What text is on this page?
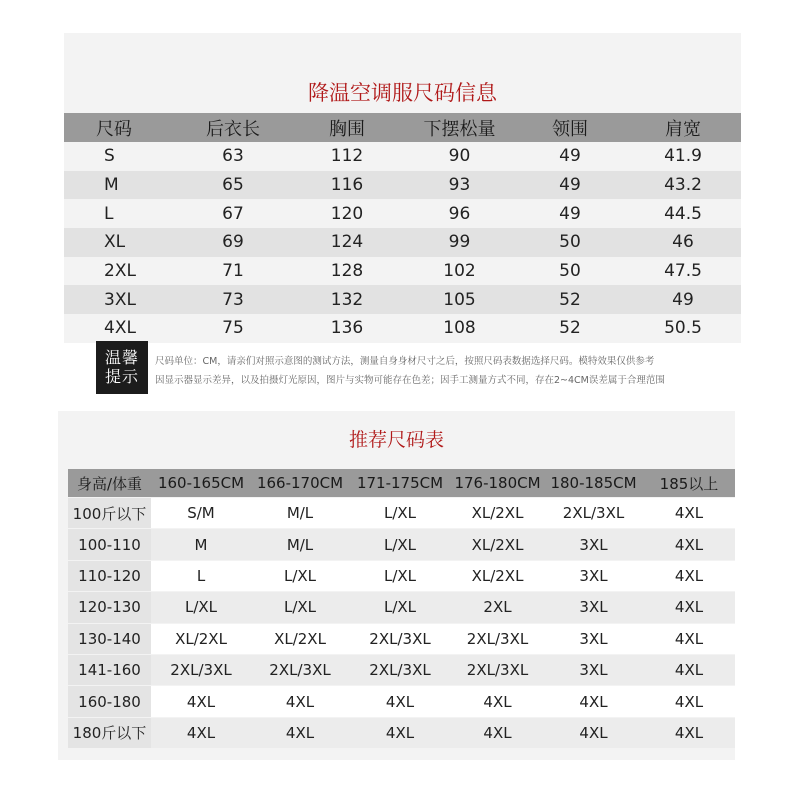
降温空调服尺码信息
尺码	后衣长	胸围	下摆松量	领围	肩宽
S	63	112	90	49	41.9
M	65	116	93	49	43.2
L	67	120	96	49	44.5
XL	69	124	99	50	46
2XL	71	128	102	50	47.5
3XL	73	132	105	52	49
4XL	75	136	108	52	50.5
温馨
提示
尺码单位：CM，请亲们对照示意图的测试方法，测量自身身材尺寸之后，按照尺码表数据选择尺码。模特效果仅供参考
因显示器显示差异，以及拍摄灯光原因，图片与实物可能存在色差；因手工测量方式不同，存在2~4CM误差属于合理范围
推荐尺码表
身高/体重	160-165CM	166-170CM	171-175CM	176-180CM	180-185CM	185以上
100斤以下	S/M	M/L	L/XL	XL/2XL	2XL/3XL	4XL
100-110	M	M/L	L/XL	XL/2XL	3XL	4XL
110-120	L	L/XL	L/XL	XL/2XL	3XL	4XL
120-130	L/XL	L/XL	L/XL	2XL	3XL	4XL
130-140	XL/2XL	XL/2XL	2XL/3XL	2XL/3XL	3XL	4XL
141-160	2XL/3XL	2XL/3XL	2XL/3XL	2XL/3XL	3XL	4XL
160-180	4XL	4XL	4XL	4XL	4XL	4XL
180斤以下	4XL	4XL	4XL	4XL	4XL	4XL
